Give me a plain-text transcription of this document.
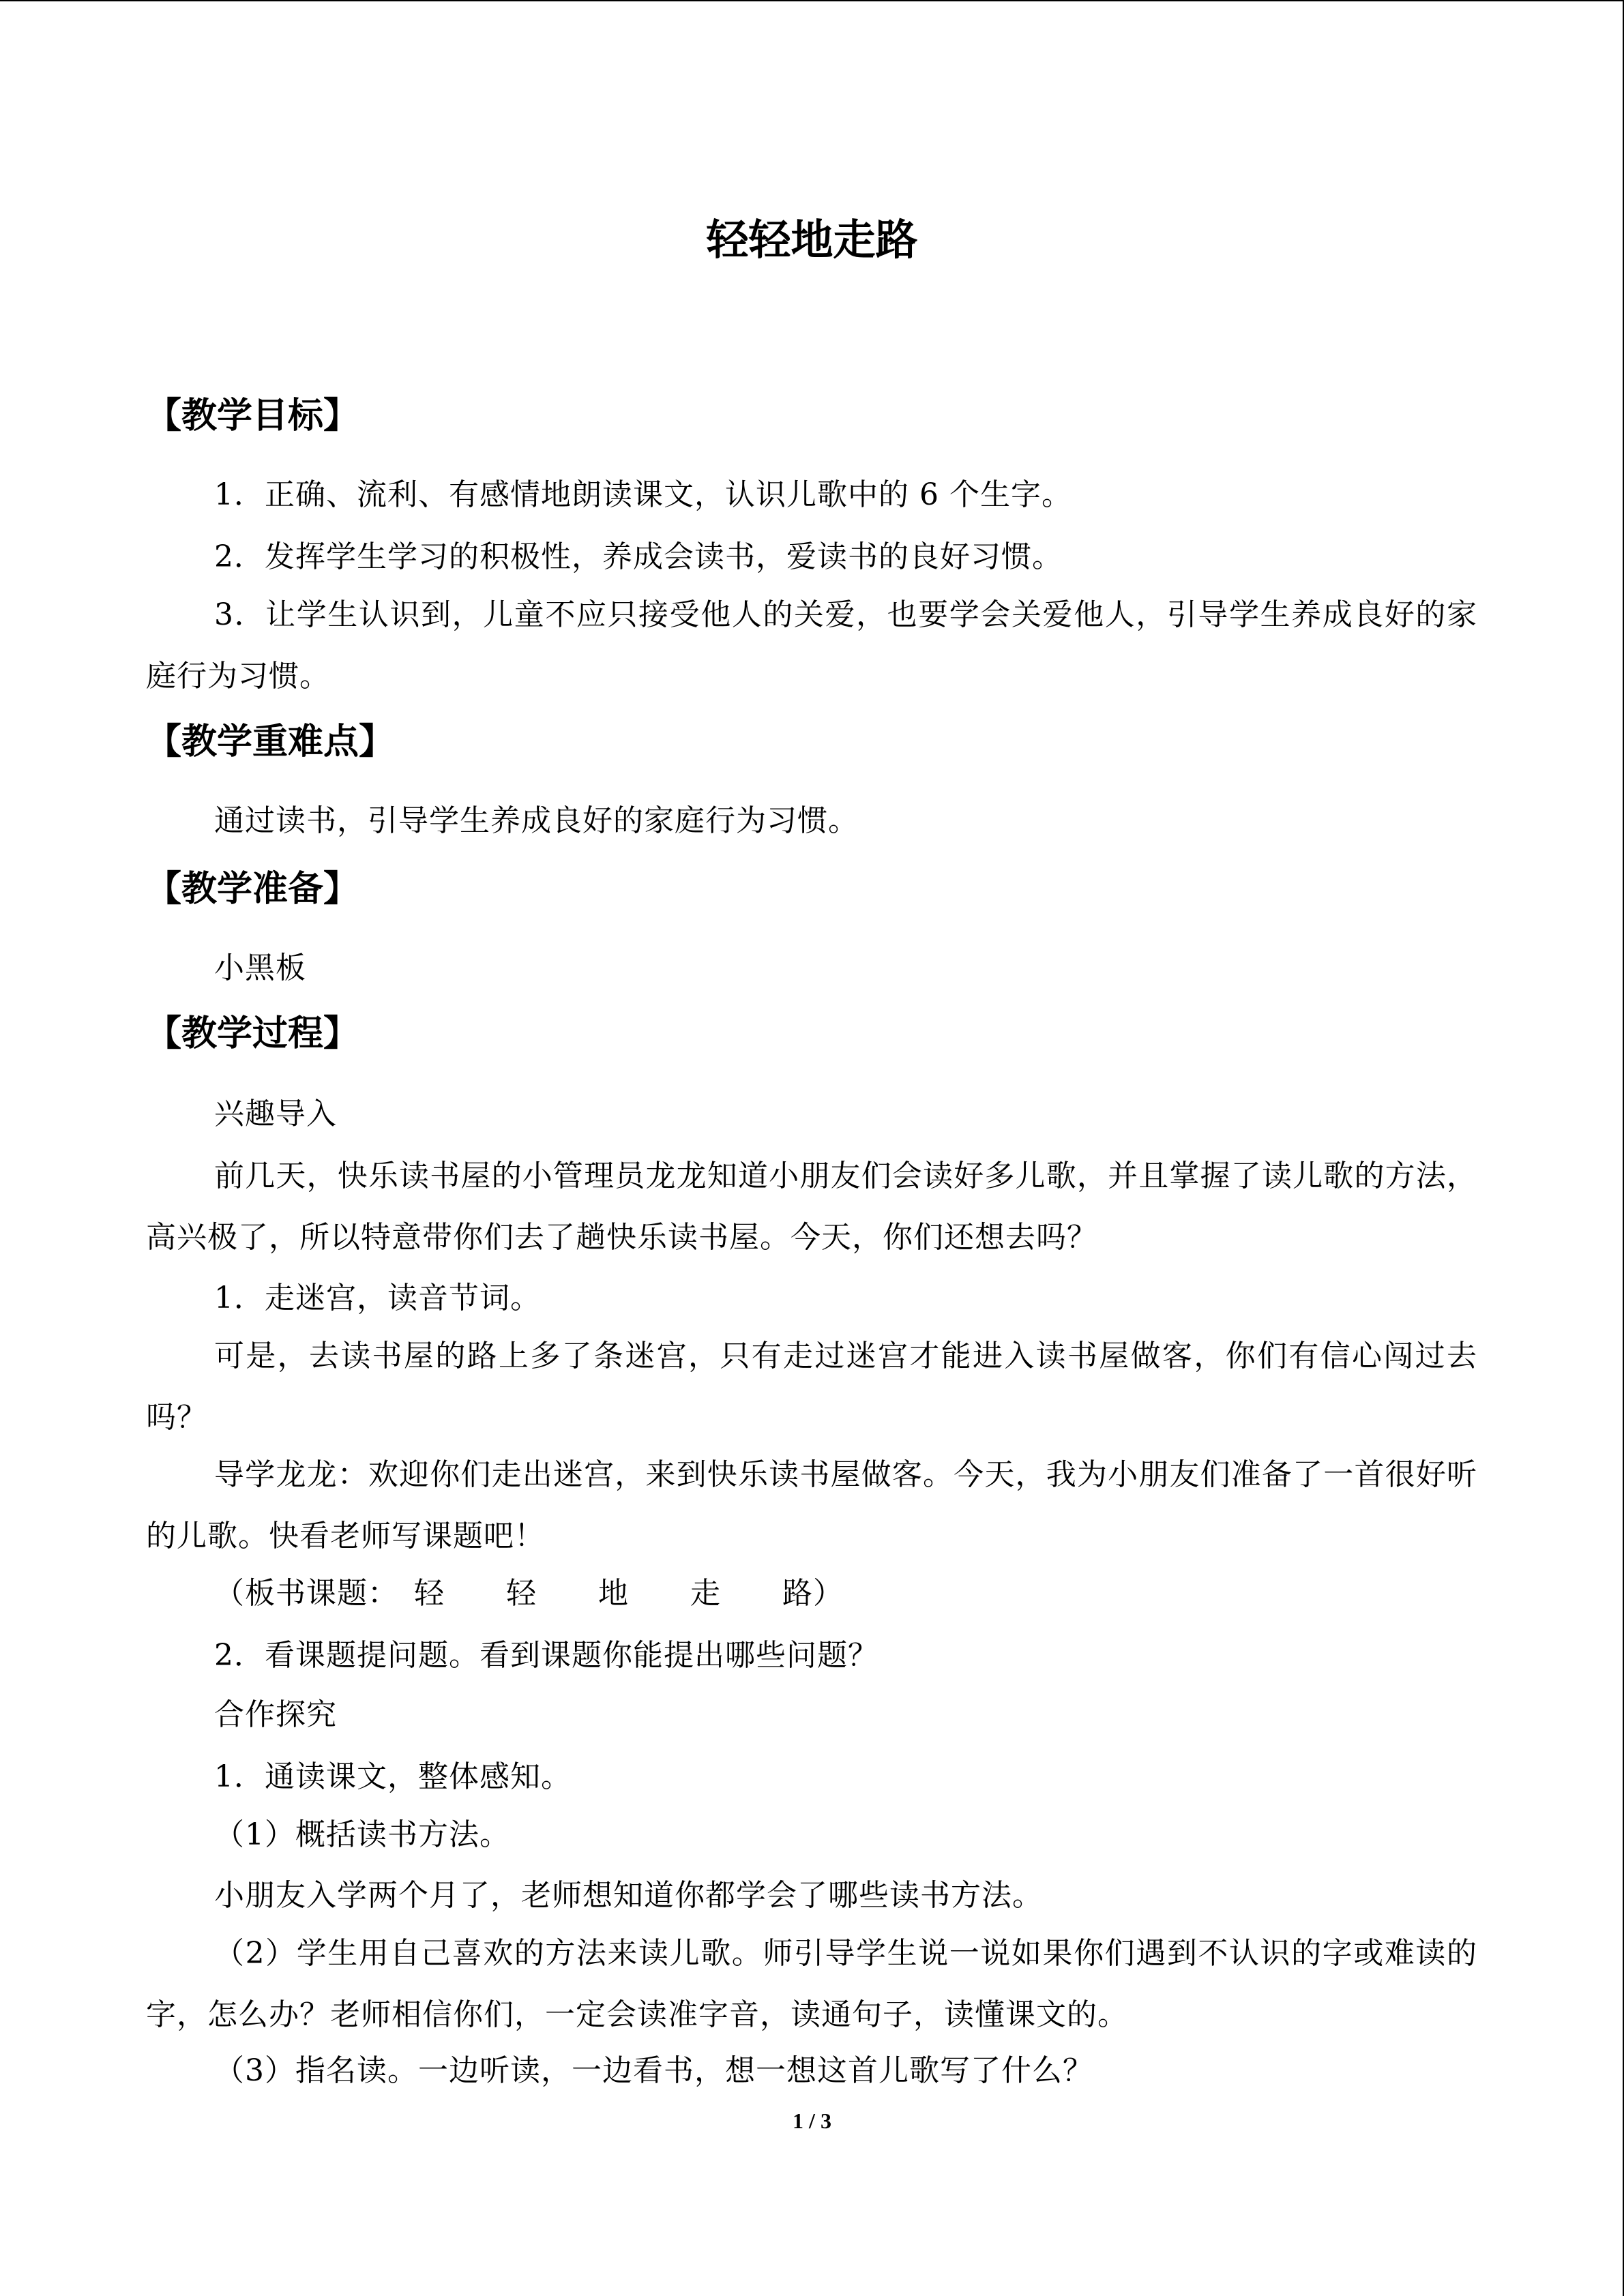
轻轻地走路
【教学目标】

1．正确、流利、有感情地朗读课文，认识儿歌中的 6 个生字。

2．发挥学生学习的积极性，养成会读书，爱读书的良好习惯。

3．让学生认识到，儿童不应只接受他人的关爱，也要学会关爱他人，引导学生养成良好的家庭行为习惯。

【教学重难点】

通过读书，引导学生养成良好的家庭行为习惯。

【教学准备】

小黑板

【教学过程】

兴趣导入

前几天，快乐读书屋的小管理员龙龙知道小朋友们会读好多儿歌，并且掌握了读儿歌的方法，高兴极了，所以特意带你们去了趟快乐读书屋。今天，你们还想去吗？

1．走迷宫，读音节词。

可是，去读书屋的路上多了条迷宫，只有走过迷宫才能进入读书屋做客，你们有信心闯过去吗？

导学龙龙：欢迎你们走出迷宫，来到快乐读书屋做客。今天，我为小朋友们准备了一首很好听的儿歌。快看老师写课题吧！

（板书课题：　轻　　轻　　地　　走　　路）

2．看课题提问题。看到课题你能提出哪些问题？

合作探究

1．通读课文，整体感知。

（1）概括读书方法。

小朋友入学两个月了，老师想知道你都学会了哪些读书方法。

（2）学生用自己喜欢的方法来读儿歌。师引导学生说一说如果你们遇到不认识的字或难读的字，怎么办？老师相信你们，一定会读准字音，读通句子，读懂课文的。

（3）指名读。一边听读，一边看书，想一想这首儿歌写了什么？

1 / 3
